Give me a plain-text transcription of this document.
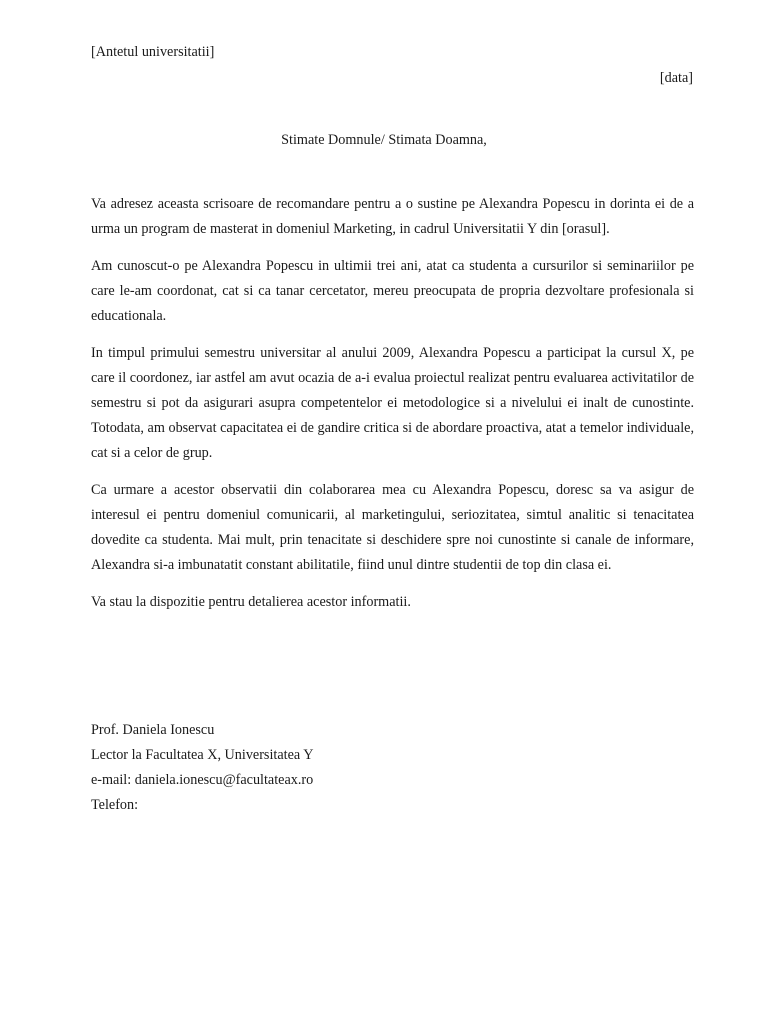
[Antetul universitatii]
[data]
Stimate Domnule/ Stimata Doamna,

Va adresez aceasta scrisoare de recomandare pentru a o sustine pe Alexandra Popescu in dorinta ei de a urma un program de masterat in domeniul Marketing, in cadrul Universitatii Y din [orasul].

Am cunoscut-o pe Alexandra Popescu in ultimii trei ani, atat ca studenta a cursurilor si seminariilor pe care le-am coordonat, cat si ca tanar cercetator, mereu preocupata de propria dezvoltare profesionala si educationala.

In timpul primului semestru universitar al anului 2009, Alexandra Popescu a participat la cursul X, pe care il coordonez, iar astfel am avut ocazia de a-i evalua proiectul realizat pentru evaluarea activitatilor de semestru si pot da asigurari asupra competentelor ei metodologice si a nivelului ei inalt de cunostinte. Totodata, am observat capacitatea ei de gandire critica si de abordare proactiva, atat a temelor individuale, cat si a celor de grup.

Ca urmare a acestor observatii din colaborarea mea cu Alexandra Popescu, doresc sa va asigur de interesul ei pentru domeniul comunicarii, al marketingului, seriozitatea, simtul analitic si tenacitatea dovedite ca studenta. Mai mult, prin tenacitate si deschidere spre noi cunostinte si canale de informare, Alexandra si-a imbunatatit constant abilitatile, fiind unul dintre studentii de top din clasa ei.

Va stau la dispozitie pentru detalierea acestor informatii.

Prof. Daniela Ionescu
Lector la Facultatea X, Universitatea Y
e-mail: daniela.ionescu@facultateax.ro
Telefon:
